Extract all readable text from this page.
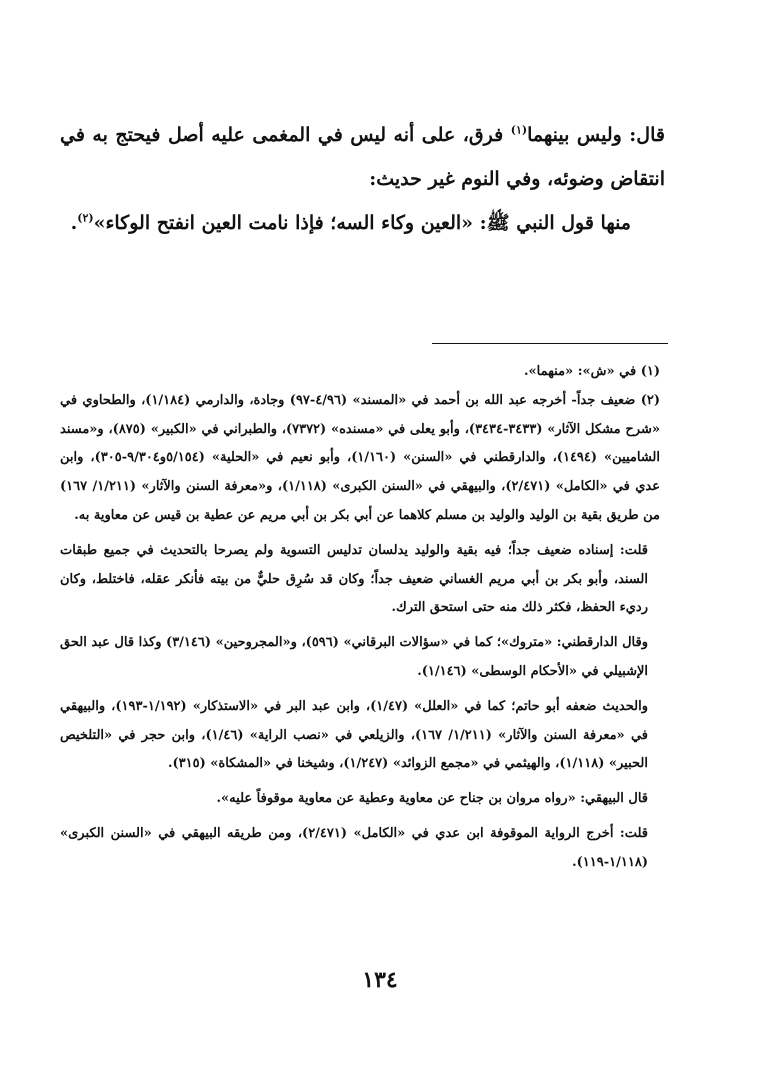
قال: وليس بينهما$^{(١)}$ فرق، على أنه ليس في المغمى عليه أصل فيحتج به في انتقاض وضوئه، وفي النوم غير حديث:

منها قول النبي ﷺ: «العين وكاء السه؛ فإذا نامت العين انفتح الوكاء»$^{(٢)}$.

(١) في «ش»: «منهما».

(٢) ضعيف جداً- أخرجه عبد الله بن أحمد في «المسند» (٤/٩٦-٩٧) وجادة، والدارمي (١/١٨٤)، والطحاوي في «شرح مشكل الآثار» (٣٤٣٣-٣٤٣٤)، وأبو يعلى في «مسنده» (٧٣٧٢)، والطبراني في «الكبير» (٨٧٥)، و«مسند الشاميين» (١٤٩٤)، والدارقطني في «السنن» (١/١٦٠)، وأبو نعيم في «الحلية» (٥/١٥٤و٩/٣٠٤-٣٠٥)، وابن عدي في «الكامل» (٢/٤٧١)، والبيهقي في «السنن الكبرى» (١/١١٨)، و«معرفة السنن والآثار» (١/٢١١/ ١٦٧) من طريق بقية بن الوليد والوليد بن مسلم كلاهما عن أبي بكر بن أبي مريم عن عطية بن قيس عن معاوية به.

قلت: إسناده ضعيف جداً؛ فيه بقية والوليد يدلسان تدليس التسوية ولم يصرحا بالتحديث في جميع طبقات السند، وأبو بكر بن أبي مريم الغساني ضعيف جداً؛ وكان قد سُرِق حليٌّ من بيته فأنكر عقله، فاختلط، وكان رديء الحفظ، فكثر ذلك منه حتى استحق الترك.

وقال الدارقطني: «متروك»؛ كما في «سؤالات البرقاني» (٥٩٦)، و«المجروحين» (٣/١٤٦) وكذا قال عبد الحق الإشبيلي في «الأحكام الوسطى» (١/١٤٦).

والحديث ضعفه أبو حاتم؛ كما في «العلل» (١/٤٧)، وابن عبد البر في «الاستذكار» (١/١٩٢-١٩٣)، والبيهقي في «معرفة السنن والآثار» (١/٢١١/ ١٦٧)، والزيلعي في «نصب الراية» (١/٤٦)، وابن حجر في «التلخيص الحبير» (١/١١٨)، والهيثمي في «مجمع الزوائد» (١/٢٤٧)، وشيخنا في «المشكاة» (٣١٥).

قال البيهقي: «رواه مروان بن جناح عن معاوية وعطية عن معاوية موقوفاً عليه».

قلت: أخرج الرواية الموقوفة ابن عدي في «الكامل» (٢/٤٧١)، ومن طريقه البيهقي في «السنن الكبرى» (١/١١٨-١١٩).

١٣٤
